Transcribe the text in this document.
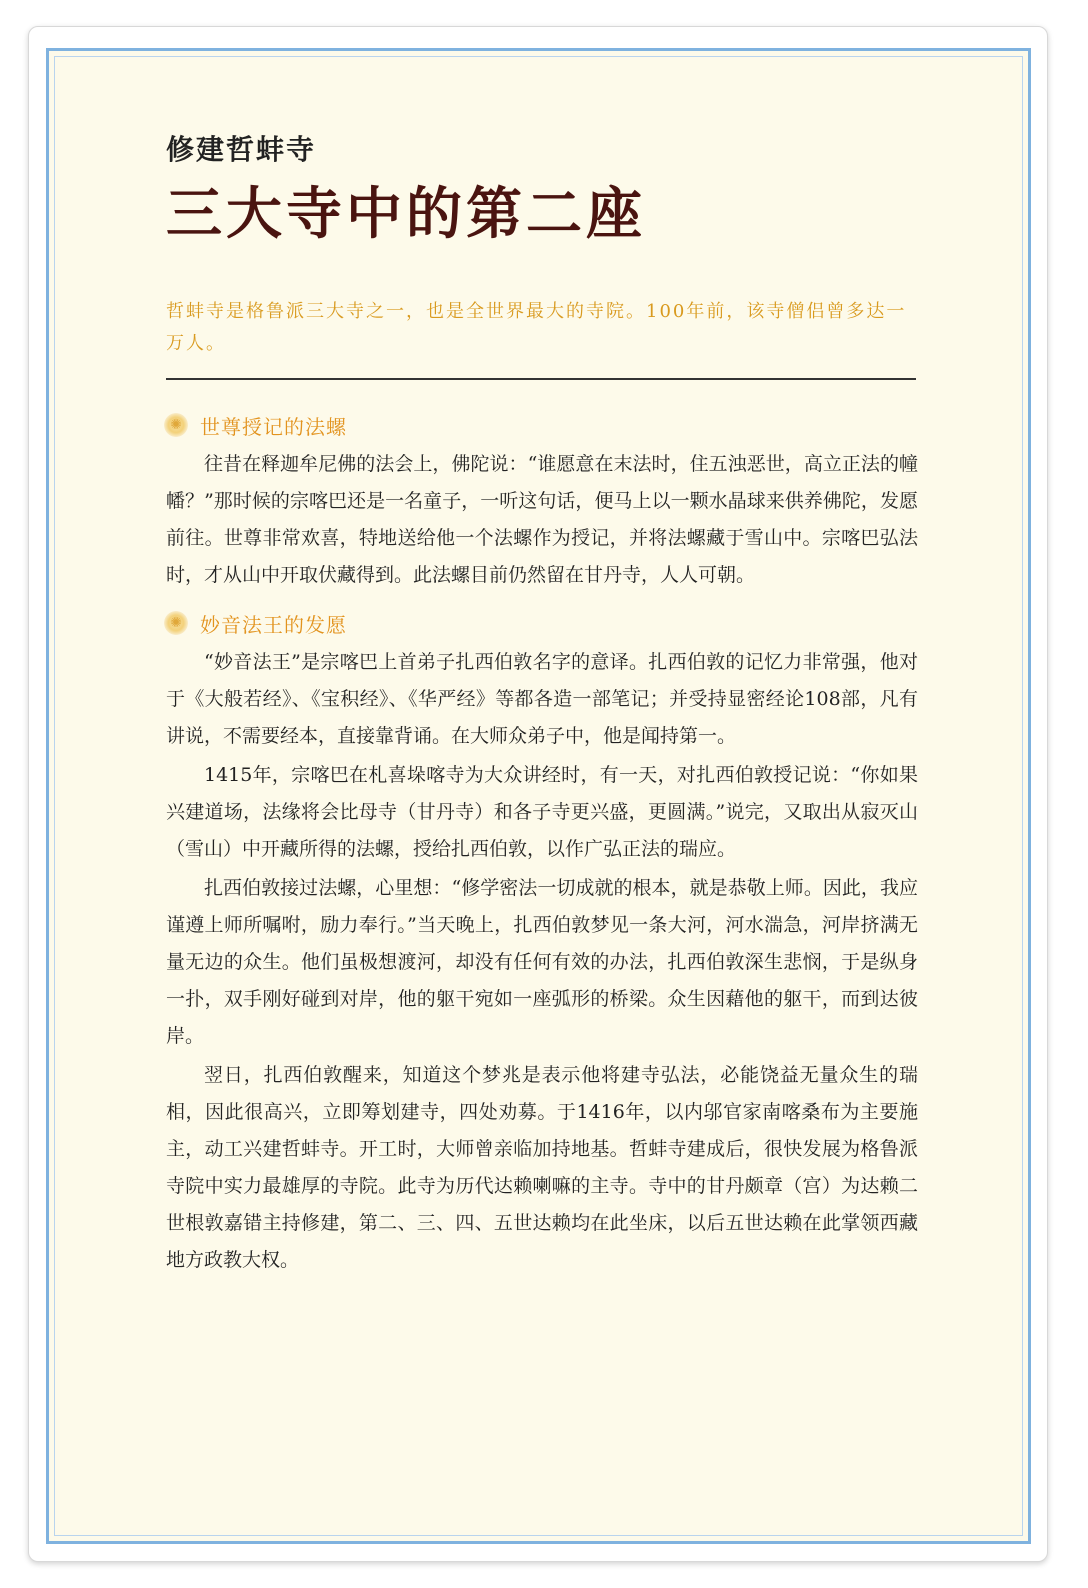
修建哲蚌寺
三大寺中的第二座
哲蚌寺是格鲁派三大寺之一，也是全世界最大的寺院。100年前，该寺僧侣曾多达一万人。
✺ 世尊授记的法螺

往昔在释迦牟尼佛的法会上，佛陀说：“谁愿意在末法时，住五浊恶世，高立正法的幢幡？”那时候的宗喀巴还是一名童子，一听这句话，便马上以一颗水晶球来供养佛陀，发愿前往。世尊非常欢喜，特地送给他一个法螺作为授记，并将法螺藏于雪山中。宗喀巴弘法时，才从山中开取伏藏得到。此法螺目前仍然留在甘丹寺，人人可朝。

✺ 妙音法王的发愿

“妙音法王”是宗喀巴上首弟子扎西伯敦名字的意译。扎西伯敦的记忆力非常强，他对于《大般若经》、《宝积经》、《华严经》等都各造一部笔记；并受持显密经论108部，凡有讲说，不需要经本，直接靠背诵。在大师众弟子中，他是闻持第一。

1415年，宗喀巴在札喜垛喀寺为大众讲经时，有一天，对扎西伯敦授记说：“你如果兴建道场，法缘将会比母寺（甘丹寺）和各子寺更兴盛，更圆满。”说完，又取出从寂灭山（雪山）中开藏所得的法螺，授给扎西伯敦，以作广弘正法的瑞应。

扎西伯敦接过法螺，心里想：“修学密法一切成就的根本，就是恭敬上师。因此，我应谨遵上师所嘱咐，励力奉行。”当天晚上，扎西伯敦梦见一条大河，河水湍急，河岸挤满无量无边的众生。他们虽极想渡河，却没有任何有效的办法，扎西伯敦深生悲悯，于是纵身一扑，双手刚好碰到对岸，他的躯干宛如一座弧形的桥梁。众生因藉他的躯干，而到达彼岸。

翌日，扎西伯敦醒来，知道这个梦兆是表示他将建寺弘法，必能饶益无量众生的瑞相，因此很高兴，立即筹划建寺，四处劝募。于1416年，以内邬官家南喀桑布为主要施主，动工兴建哲蚌寺。开工时，大师曾亲临加持地基。哲蚌寺建成后，很快发展为格鲁派寺院中实力最雄厚的寺院。此寺为历代达赖喇嘛的主寺。寺中的甘丹颇章（宫）为达赖二世根敦嘉错主持修建，第二、三、四、五世达赖均在此坐床，以后五世达赖在此掌领西藏地方政教大权。
